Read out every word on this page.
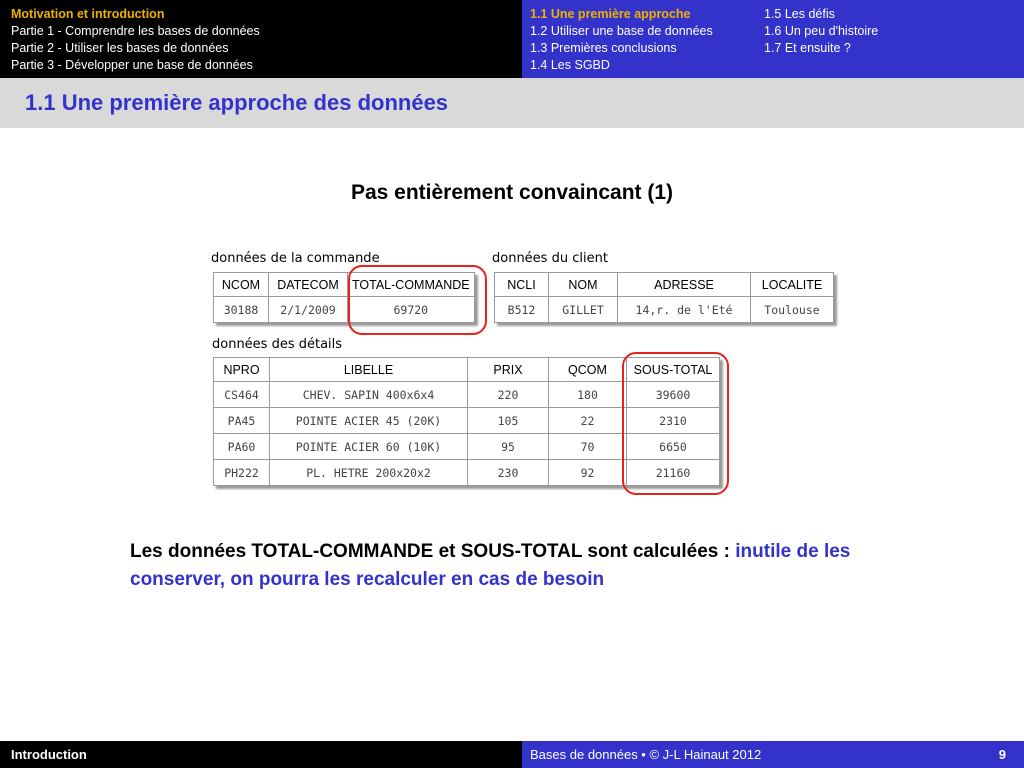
Motivation et introduction
Partie 1 - Comprendre les bases de données
Partie 2 - Utiliser les bases de données
Partie 3 - Développer une base de données
1.1 Une première approche
1.2 Utiliser une base de données
1.3 Premières conclusions
1.4 Les SGBD
1.5 Les défis
1.6 Un peu d'histoire
1.7 Et ensuite ?
1.1 Une première approche des données
Pas entièrement convaincant (1)
données de la commande
NCOM	DATECOM	TOTAL-COMMANDE
30188	2/1/2009	69720
données du client
NCLI	NOM	ADRESSE	LOCALITE
B512	GILLET	14,r. de l'Eté	Toulouse
données des détails
NPRO	LIBELLE	PRIX	QCOM	SOUS-TOTAL
CS464	CHEV. SAPIN 400x6x4	220	180	39600
PA45	POINTE ACIER 45 (20K)	105	22	2310
PA60	POINTE ACIER 60 (10K)	95	70	6650
PH222	PL. HETRE 200x20x2	230	92	21160
Les données TOTAL-COMMANDE et SOUS-TOTAL sont calculées : inutile de les conserver, on pourra les recalculer en cas de besoin
Introduction	Bases de données • © J-L Hainaut 2012	9
